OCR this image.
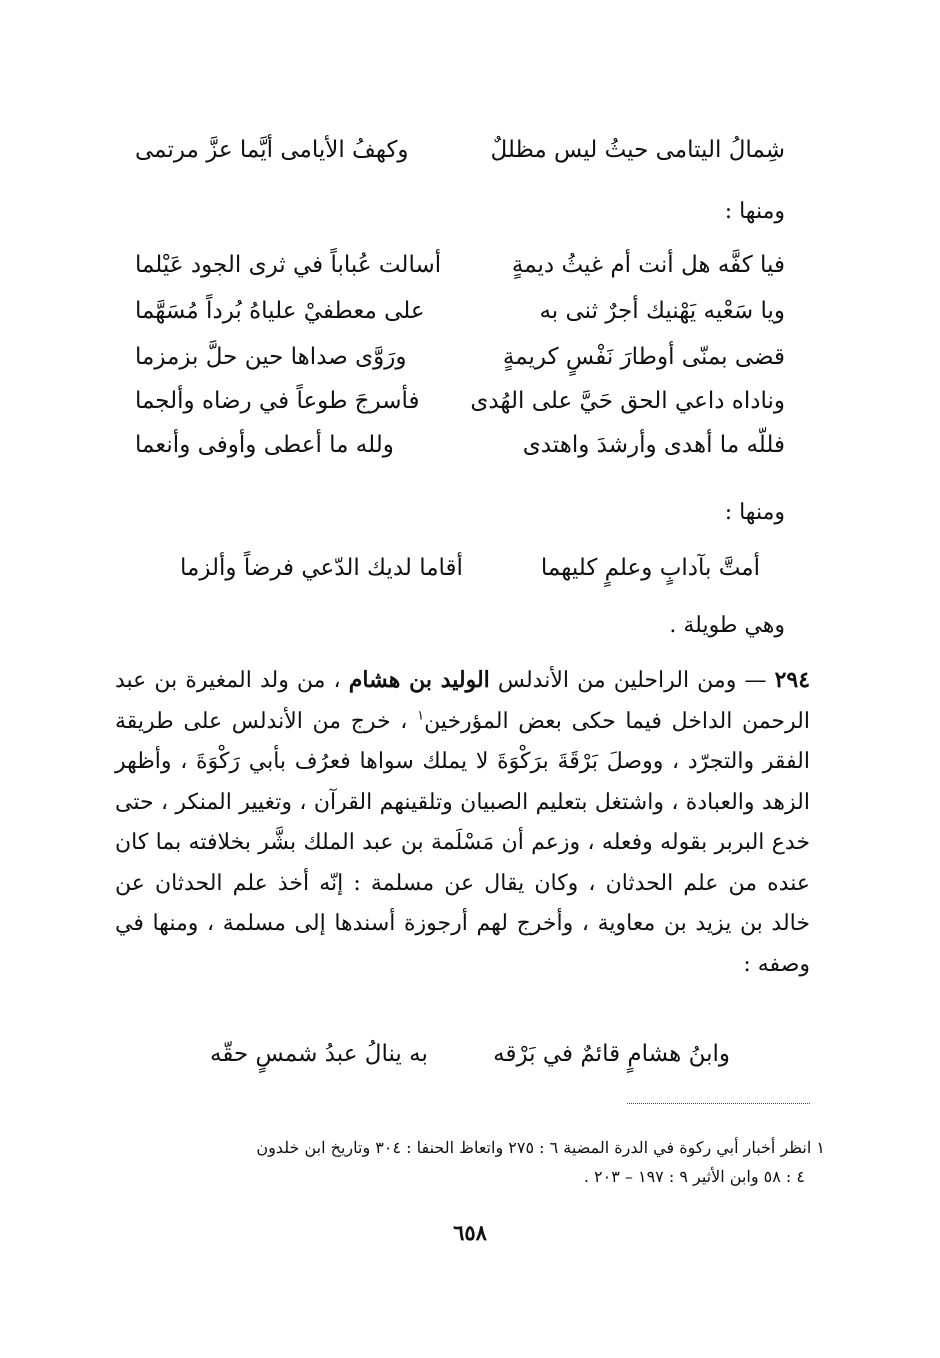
شِمالُ اليتامى حيثُ ليس مظللٌ
وكهفُ الأيامى أيَّما عزَّ مرتمى
ومنها :
فيا كفَّه هل أنت أم غيثُ ديمةٍ
أسالت عُباباً في ثرى الجود عَيْلما
ويا سَعْيه يَهْنيك أجرٌ ثنى به
على معطفيْ علياهُ بُرداً مُسَهَّما
قضى بمنّى أوطارَ نَفْسٍ كريمةٍ
ورَوَّى صداها حين حلَّ بزمزما
وناداه داعي الحق حَيَّ على الهُدى
فأسرجَ طوعاً في رضاه وألجما
فللّه ما أهدى وأرشدَ واهتدى
ولله ما أعطى وأوفى وأنعما
ومنها :
أمتَّ بآدابٍ وعلمٍ كليهما
أقاما لديك الدّعي فرضاً وألزما
وهي طويلة .
٢٩٤ — ومن الراحلين من الأندلس الوليد بن هشام ، من ولد المغيرة بن عبد الرحمن الداخل فيما حكى بعض المؤرخين$^١$ ، خرج من الأندلس على طريقة الفقر والتجرّد ، ووصلَ بَرْقَةَ برَكْوَةَ لا يملك سواها فعرُف بأبي رَكْوَةَ ، وأظهر الزهد والعبادة ، واشتغل بتعليم الصبيان وتلقينهم القرآن ، وتغيير المنكر ، حتى خدع البربر بقوله وفعله ، وزعم أن مَسْلَمة بن عبد الملك بشَّر بخلافته بما كان عنده من علم الحدثان ، وكان يقال عن مسلمة : إنّه أخذ علم الحدثان عن خالد بن يزيد بن معاوية ، وأخرج لهم أرجوزة أسندها إلى مسلمة ، ومنها في وصفه :
وابنُ هشامٍ قائمٌ في بَرْقه
به ينالُ عبدُ شمسٍ حقّه
١ انظر أخبار أبي ركوة في الدرة المضية ٦ : ٢٧٥ واتعاظ الحنفا : ٣٠٤ وتاريخ ابن خلدون
٤ : ٥٨ وابن الأثير ٩ : ١٩٧ – ٢٠٣ .
٦٥٨
